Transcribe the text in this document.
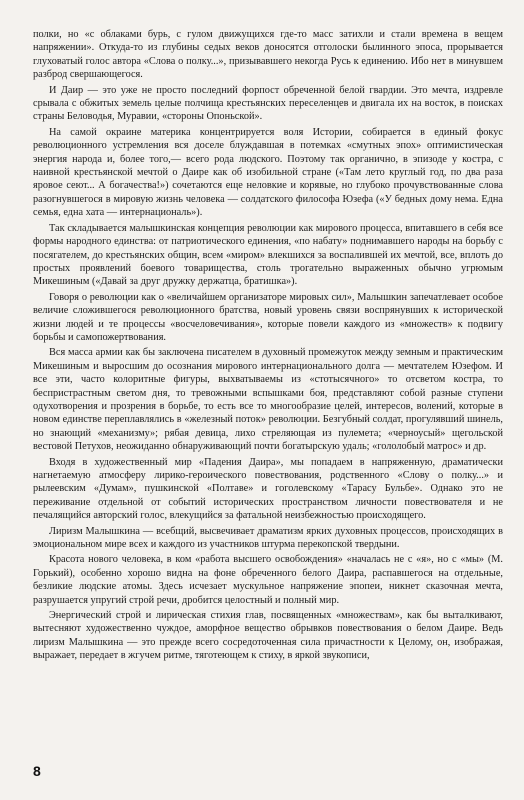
полки, но «с облаками бурь, с гулом движущихся где-то масс затихли и стали времена в вещем напряжении». Откуда-то из глубины седых веков доносятся отголоски былинного эпоса, прорывается глуховатый голос автора «Слова о полку...», призывавшего некогда Русь к единению. Ибо нет в минувшем разброд свершающегося.

И Даир — это уже не просто последний форпост обреченной белой гвардии. Это мечта, издревле срывала с обжитых земель целые полчища крестьянских переселенцев и двигала их на восток, в поисках страны Беловодья, Муравии, «стороны Опоньской».

На самой окраине материка концентрируется воля Истории, собирается в единый фокус революционного устремления вся доселе блуждавшая в потемках «смутных эпох» оптимистическая энергия народа и, более того,— всего рода людского. Поэтому так органично, в эпизоде у костра, с наивной крестьянской мечтой о Даире как об изобильной стране («Там лето круглый год, по два раза яровое сеют... А богачества!») сочетаются еще неловкие и корявые, но глубоко прочувствованные слова разогнувшегося в мировую жизнь человека — солдатского философа Юзефа («У бедных дому нема. Една семья, една хата — интернациональ»).

Так складывается малышкинская концепция революции как мирового процесса, впитавшего в себя все формы народного единства: от патриотического единения, «по набату» поднимавшего народы на борьбу с посягателем, до крестьянских общин, всем «миром» влекшихся за воспалившей их мечтой, все, вплоть до простых проявлений боевого товарищества, столь трогательно выраженных обычно угрюмым Микешиным («Давай за друг дружку держатца, братишка»).

Говоря о революции как о «величайшем организаторе мировых сил», Малышкин запечатлевает особое величие сложившегося революционного братства, новый уровень связи воспрянувших к исторической жизни людей и те процессы «восчеловечивания», которые повели каждого из «множеств» к подвигу борьбы и самопожертвования.

Вся масса армии как бы заключена писателем в духовный промежуток между земным и практическим Микешиным и выросшим до осознания мирового интернационального долга — мечтателем Юзефом. И все эти, часто колоритные фигуры, выхватываемы из «стотысячного» то отсветом костра, то беспристрастным светом дня, то тревожными вспышками боя, представляют собой разные ступени одухотворения и прозрения в борьбе, то есть все то многообразие целей, интересов, волений, которые в новом единстве переплавлялись в «железный поток» революции. Безгубный солдат, прогулявший шинель, но знающий «механизму»; рябая девица, лихо стреляющая из пулемета; «черноусый» щегольской вестовой Петухов, неожиданно обнаруживающий почти богатырскую удаль; «гололобый матрос» и др.

Входя в художественный мир «Падения Даира», мы попадаем в напряженную, драматически нагнетаемую атмосферу лирико-героического повествования, родственного «Слову о полку...» и рылеевским «Думам», пушкинской «Полтаве» и гоголевскому «Тарасу Бульбе». Однако это не переживание отдельной от событий исторических пространством личности повествователя и не печалящийся авторский голос, влекущийся за фатальной неизбежностью происходящего.

Лиризм Малышкина — всебщий, высвечивает драматизм ярких духовных процессов, происходящих в эмоциональном мире всех и каждого из участников штурма перекопской твердыни.

Красота нового человека, в ком «работа высшего освобождения» «началась не с «я», но с «мы» (М. Горький), особенно хорошо видна на фоне обреченного белого Даира, распавшегося на отдельные, безликие людские атомы. Здесь исчезает мускульное напряжение эпопеи, никнет сказочная мечта, разрушается упругий строй речи, дробится целостный и полный мир.

Энергический строй и лирическая стихия глав, посвященных «множествам», как бы выталкивают, вытесняют художественно чуждое, аморфное вещество обрывков повествования о белом Даире. Ведь лиризм Малышкина — это прежде всего сосредоточенная сила причастности к Целому, он, изображая, выражает, передает в жгучем ритме, тяготеющем к стиху, в яркой звукописи,

8
